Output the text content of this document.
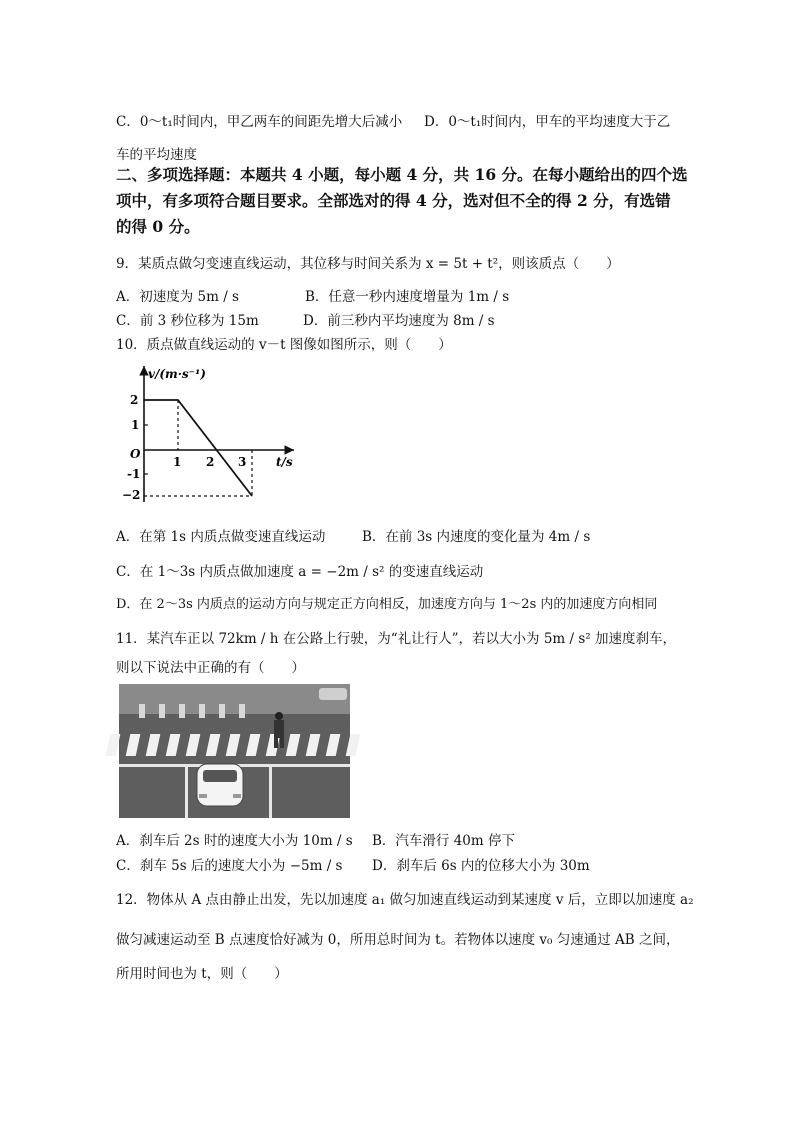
C．0～t₁时间内，甲乙两车的间距先增大后减小 D．0～t₁时间内，甲车的平均速度大于乙
车的平均速度
二、多项选择题：本题共 4 小题，每小题 4 分，共 16 分。在每小题给出的四个选
项中，有多项符合题目要求。全部选对的得 4 分，选对但不全的得 2 分，有选错
的得 0 分。
9．某质点做匀变速直线运动，其位移与时间关系为 x = 5t + t²，则该质点（　　）
A．初速度为 5m / s	B．任意一秒内速度增量为 1m / s
C．前 3 秒位移为 15m	D．前三秒内平均速度为 8m / s
10．质点做直线运动的 v－t 图像如图所示，则（　　）
v/(m·s⁻¹)
t/s
O
2
1
-1
−2
1 2 3
A．在第 1s 内质点做变速直线运动	B．在前 3s 内速度的变化量为 4m / s
C．在 1～3s 内质点做加速度 a = −2m / s² 的变速直线运动
D．在 2～3s 内质点的运动方向与规定正方向相反，加速度方向与 1～2s 内的加速度方向相同
11．某汽车正以 72km / h 在公路上行驶，为“礼让行人”，若以大小为 5m / s² 加速度刹车，
则以下说法中正确的有（　　）
A．刹车后 2s 时的速度大小为 10m / s B．汽车滑行 40m 停下
C．刹车 5s 后的速度大小为 −5m / s D．刹车后 6s 内的位移大小为 30m
12．物体从 A 点由静止出发，先以加速度 a₁ 做匀加速直线运动到某速度 v 后，立即以加速度 a₂
做匀减速运动至 B 点速度恰好减为 0，所用总时间为 t。若物体以速度 v₀ 匀速通过 AB 之间，
所用时间也为 t，则（　　）
